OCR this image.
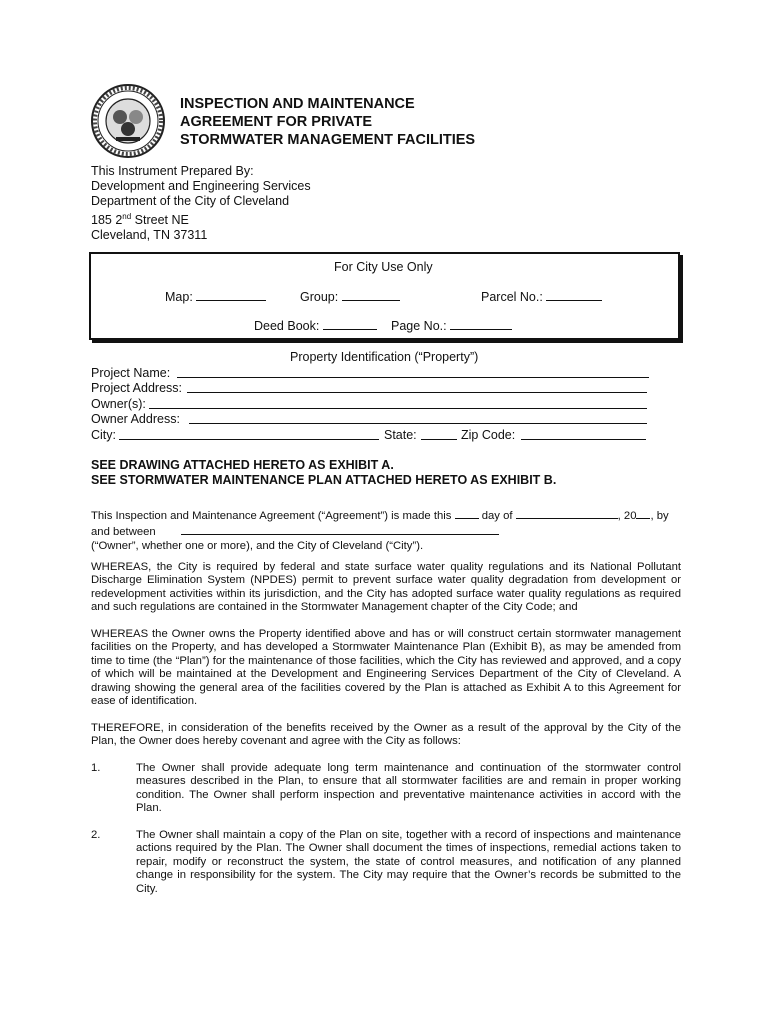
INSPECTION AND MAINTENANCE
AGREEMENT FOR PRIVATE
STORMWATER MANAGEMENT FACILITIES
This Instrument Prepared By:
Development and Engineering Services
Department of the City of Cleveland
185 2nd Street NE
Cleveland, TN 37311
For City Use Only
Map:	Group:	Parcel No.:
Deed Book:	Page No.:
Property Identification (“Property”)
Project Name:
Project Address:
Owner(s):
Owner Address:
City:	State:	Zip Code:
SEE DRAWING ATTACHED HERETO AS EXHIBIT A.
SEE STORMWATER MAINTENANCE PLAN ATTACHED HERETO AS EXHIBIT B.
This Inspection and Maintenance Agreement (“Agreement”) is made this	day of	, 20 , by
and between
(“Owner”, whether one or more), and the City of Cleveland (“City”).
WHEREAS, the City is required by federal and state surface water quality regulations and its National Pollutant Discharge Elimination System (NPDES) permit to prevent surface water quality degradation from development or redevelopment activities within its jurisdiction, and the City has adopted surface water quality regulations as required and such regulations are contained in the Stormwater Management chapter of the City Code; and
WHEREAS the Owner owns the Property identified above and has or will construct certain stormwater management facilities on the Property, and has developed a Stormwater Maintenance Plan (Exhibit B), as may be amended from time to time (the “Plan”) for the maintenance of those facilities, which the City has reviewed and approved, and a copy of which will be maintained at the Development and Engineering Services Department of the City of Cleveland. A drawing showing the general area of the facilities covered by the Plan is attached as Exhibit A to this Agreement for ease of identification.
THEREFORE, in consideration of the benefits received by the Owner as a result of the approval by the City of the Plan, the Owner does hereby covenant and agree with the City as follows:
1.	The Owner shall provide adequate long term maintenance and continuation of the stormwater control measures described in the Plan, to ensure that all stormwater facilities are and remain in proper working condition. The Owner shall perform inspection and preventative maintenance activities in accord with the Plan.
2.	The Owner shall maintain a copy of the Plan on site, together with a record of inspections and maintenance actions required by the Plan. The Owner shall document the times of inspections, remedial actions taken to repair, modify or reconstruct the system, the state of control measures, and notification of any planned change in responsibility for the system. The City may require that the Owner’s records be submitted to the City.
